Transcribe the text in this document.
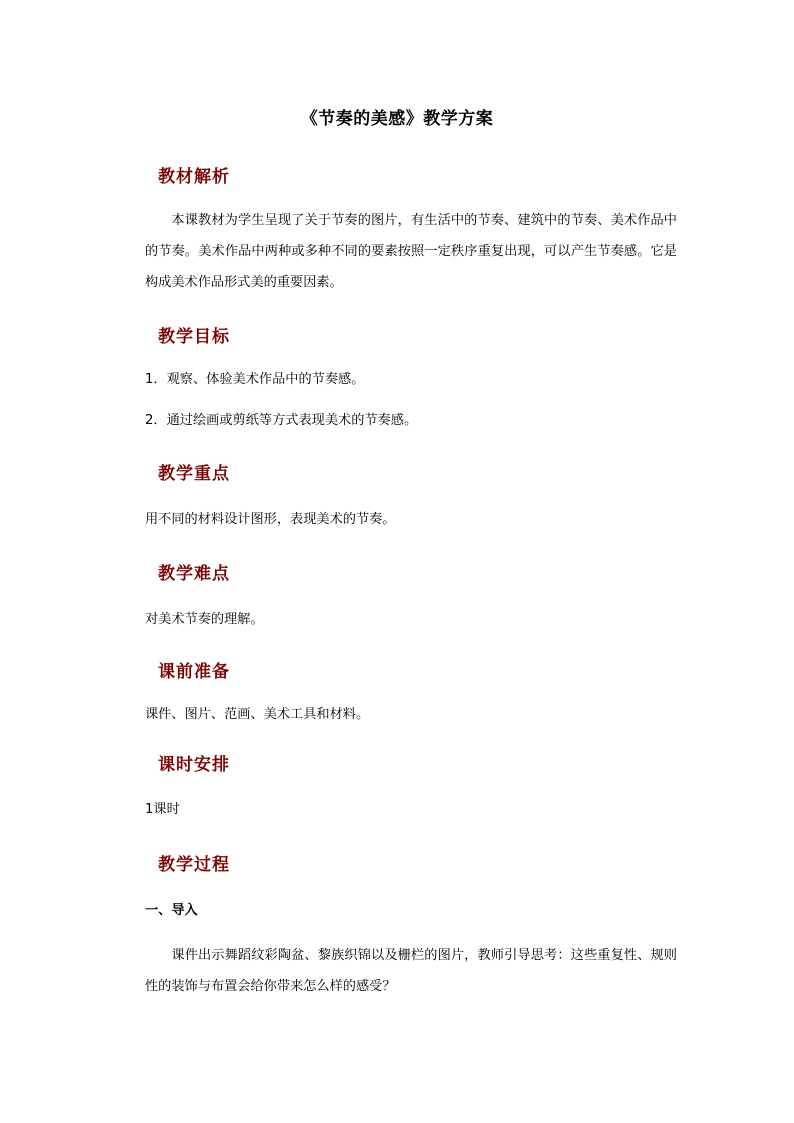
《节奏的美感》教学方案
教材解析
本课教材为学生呈现了关于节奏的图片，有生活中的节奏、建筑中的节奏、美术作品中的节奏。美术作品中两种或多种不同的要素按照一定秩序重复出现，可以产生节奏感。它是构成美术作品形式美的重要因素。
教学目标
1．观察、体验美术作品中的节奏感。
2．通过绘画或剪纸等方式表现美术的节奏感。
教学重点
用不同的材料设计图形，表现美术的节奏。
教学难点
对美术节奏的理解。
课前准备
课件、图片、范画、美术工具和材料。
课时安排
1课时
教学过程
一、导入
课件出示舞蹈纹彩陶盆、黎族织锦以及栅栏的图片，教师引导思考：这些重复性、规则性的装饰与布置会给你带来怎么样的感受？
